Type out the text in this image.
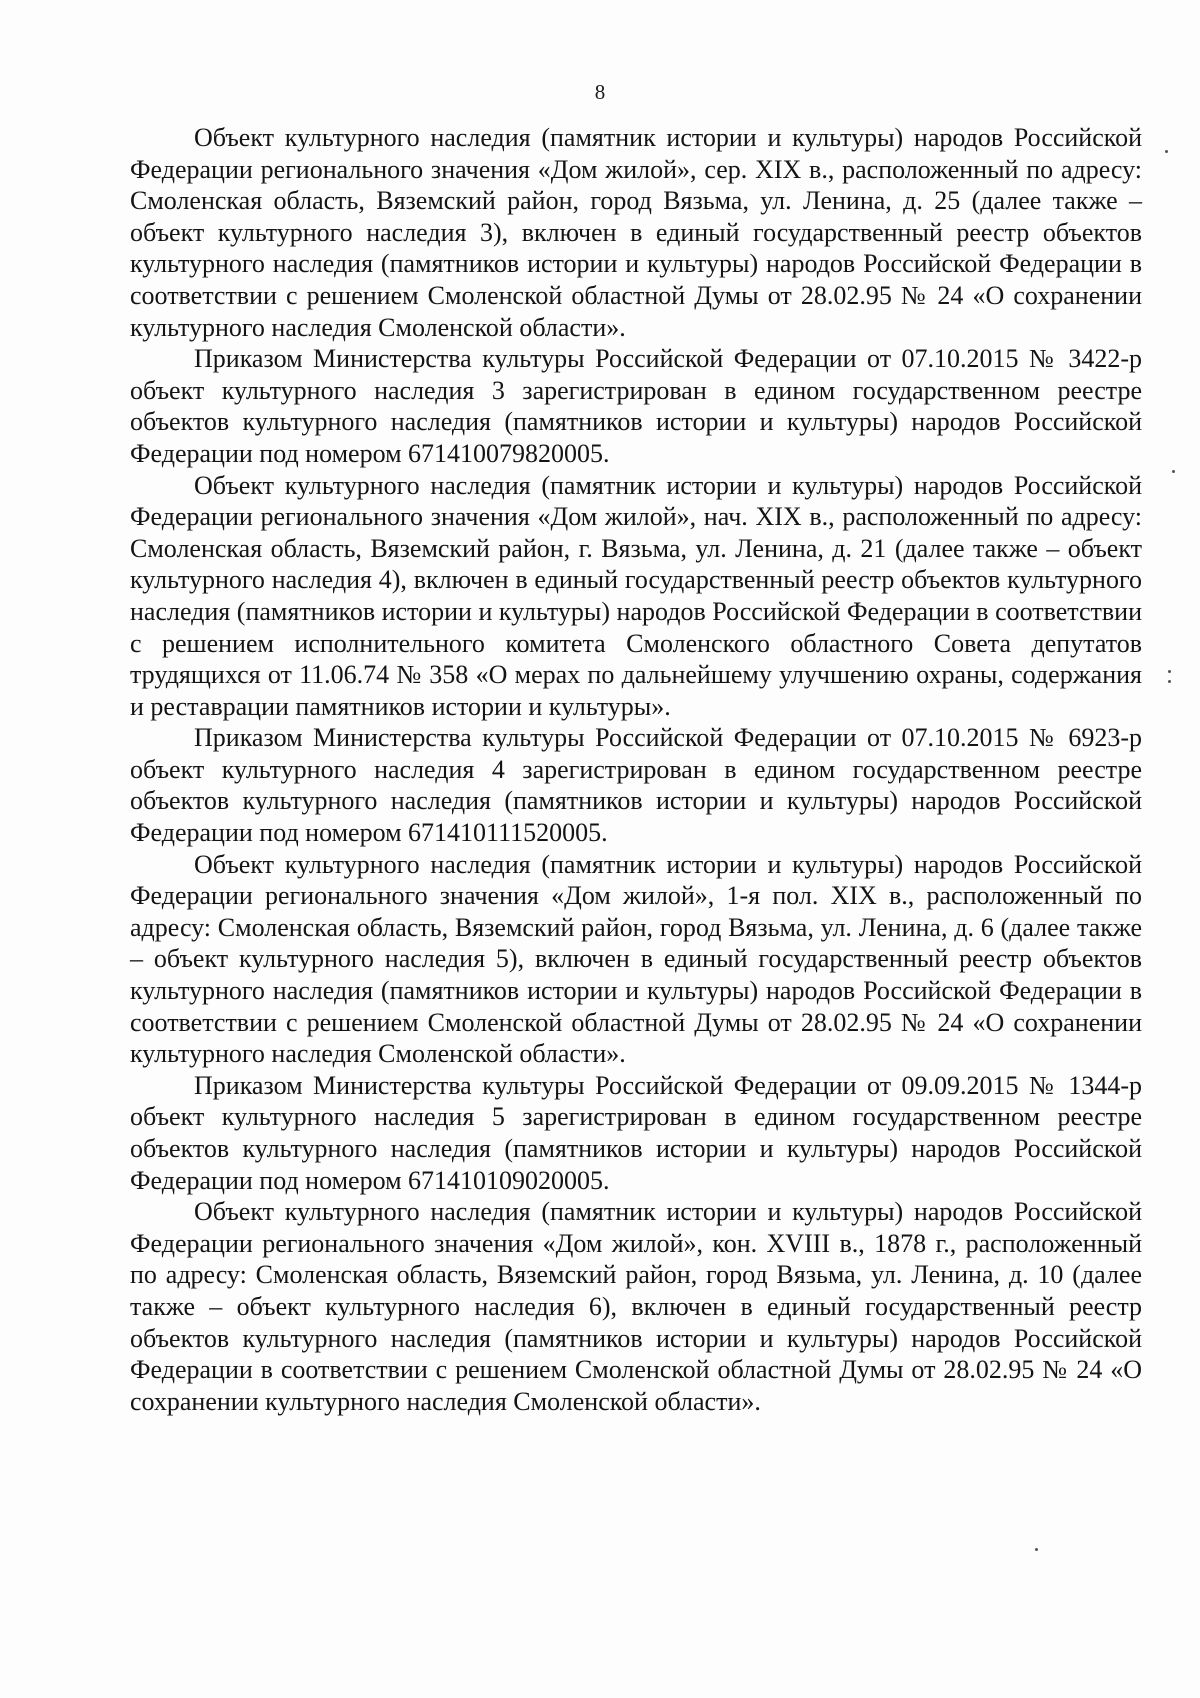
8

Объект культурного наследия (памятник истории и культуры) народов Российской Федерации регионального значения «Дом жилой», сер. XIX в., расположенный по адресу: Смоленская область, Вяземский район, город Вязьма, ул. Ленина, д. 25 (далее также – объект культурного наследия 3), включен в единый государственный реестр объектов культурного наследия (памятников истории и культуры) народов Российской Федерации в соответствии с решением Смоленской областной Думы от 28.02.95 № 24 «О сохранении культурного наследия Смоленской области».

Приказом Министерства культуры Российской Федерации от 07.10.2015 № 3422-р объект культурного наследия 3 зарегистрирован в едином государственном реестре объектов культурного наследия (памятников истории и культуры) народов Российской Федерации под номером 671410079820005.

Объект культурного наследия (памятник истории и культуры) народов Российской Федерации регионального значения «Дом жилой», нач. XIX в., расположенный по адресу: Смоленская область, Вяземский район, г. Вязьма, ул. Ленина, д. 21 (далее также – объект культурного наследия 4), включен в единый государственный реестр объектов культурного наследия (памятников истории и культуры) народов Российской Федерации в соответствии с решением исполнительного комитета Смоленского областного Совета депутатов трудящихся от 11.06.74 № 358 «О мерах по дальнейшему улучшению охраны, содержания и реставрации памятников истории и культуры».

Приказом Министерства культуры Российской Федерации от 07.10.2015 № 6923-р объект культурного наследия 4 зарегистрирован в едином государственном реестре объектов культурного наследия (памятников истории и культуры) народов Российской Федерации под номером 671410111520005.

Объект культурного наследия (памятник истории и культуры) народов Российской Федерации регионального значения «Дом жилой», 1-я пол. XIX в., расположенный по адресу: Смоленская область, Вяземский район, город Вязьма, ул. Ленина, д. 6 (далее также – объект культурного наследия 5), включен в единый государственный реестр объектов культурного наследия (памятников истории и культуры) народов Российской Федерации в соответствии с решением Смоленской областной Думы от 28.02.95 № 24 «О сохранении культурного наследия Смоленской области».

Приказом Министерства культуры Российской Федерации от 09.09.2015 № 1344-р объект культурного наследия 5 зарегистрирован в едином государственном реестре объектов культурного наследия (памятников истории и культуры) народов Российской Федерации под номером 671410109020005.

Объект культурного наследия (памятник истории и культуры) народов Российской Федерации регионального значения «Дом жилой», кон. XVIII в., 1878 г., расположенный по адресу: Смоленская область, Вяземский район, город Вязьма, ул. Ленина, д. 10 (далее также – объект культурного наследия 6), включен в единый государственный реестр объектов культурного наследия (памятников истории и культуры) народов Российской Федерации в соответствии с решением Смоленской областной Думы от 28.02.95 № 24 «О сохранении культурного наследия Смоленской области».
